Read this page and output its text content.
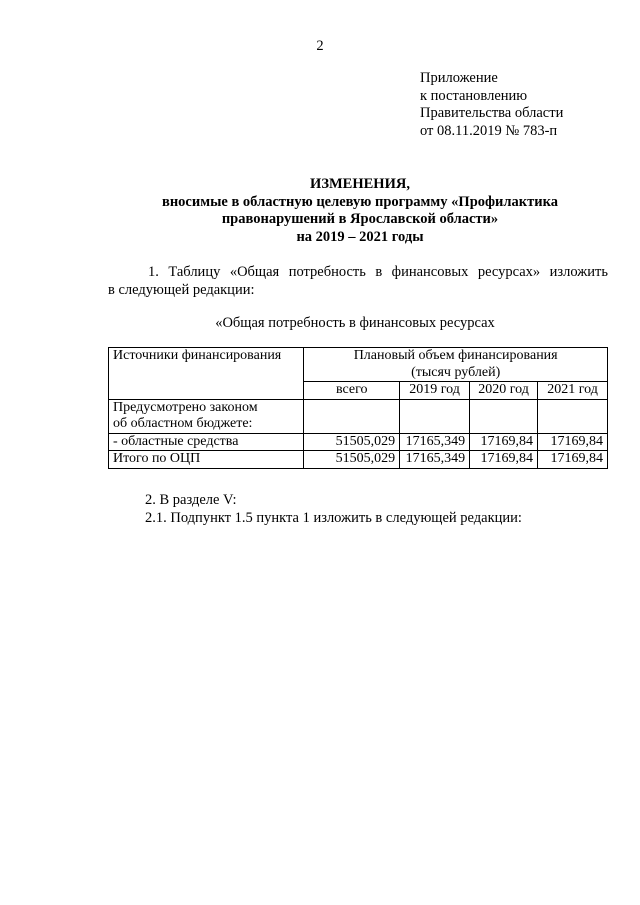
2
Приложение
к постановлению
Правительства области
от 08.11.2019 № 783-п
ИЗМЕНЕНИЯ,
вносимые в областную целевую программу «Профилактика
правонарушений в Ярославской области»
на 2019 – 2021 годы
1. Таблицу «Общая потребность в финансовых ресурсах» изложить
в следующей редакции:
«Общая потребность в финансовых ресурсах
Источники финансирования	Плановый объем финансирования
(тысяч рублей)			

	всего	2019 год	2020 год	2021 год

Предусмотрено законом
об областном бюджете:				

- областные средства	51505,029	17165,349	17169,84	17169,84
Итого по ОЦП	51505,029	17165,349	17169,84	17169,84
2. В разделе V:
2.1. Подпункт 1.5 пункта 1 изложить в следующей редакции:
